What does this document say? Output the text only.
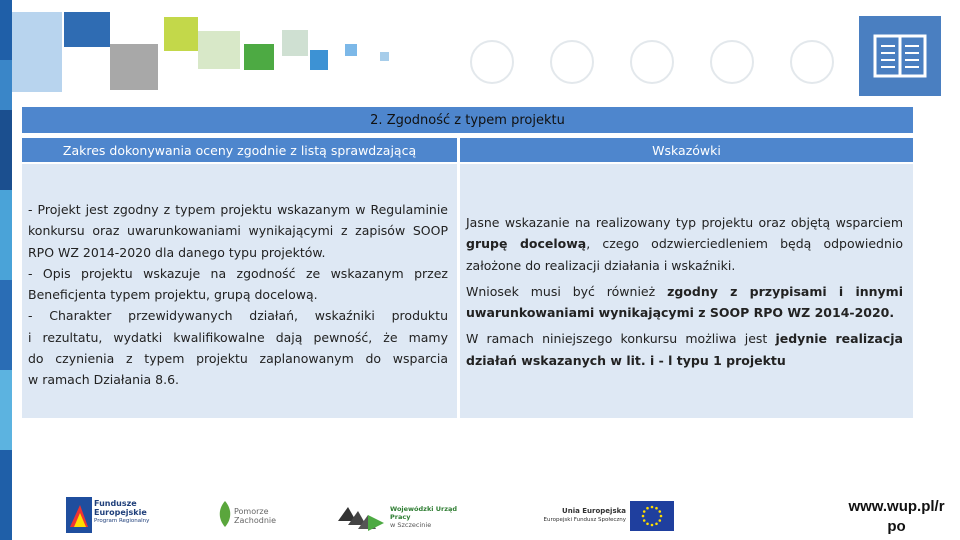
2. Zgodność z typem projektu
Zakres dokonywania oceny zgodnie z listą sprawdzającą	Wskazówki
- Projekt jest zgodny z typem projektu wskazanym w Regulaminie
konkursu oraz uwarunkowaniami wynikającymi z zapisów SOOP
RPO WZ 2014-2020 dla danego typu projektów.
- Opis projektu wskazuje na zgodność ze wskazanym przez
Beneficjenta typem projektu, grupą docelową.
- Charakter przewidywanych działań, wskaźniki produktu
i rezultatu, wydatki kwalifikowalne dają pewność, że mamy
do czynienia z typem projektu zaplanowanym do wsparcia
w ramach Działania 8.6.

Jasne wskazanie na realizowany typ projektu oraz objętą wsparciem grupę docelową, czego odzwierciedleniem będą odpowiednio założone do realizacji działania i wskaźniki.

Wniosek musi być również zgodny z przypisami i innymi uwarunkowaniami wynikającymi z SOOP RPO WZ 2014-2020.

W ramach niniejszego konkursu możliwa jest jedynie realizacja działań wskazanych w lit. i - l typu 1 projektu

Fundusze
Europejskie
Program Regionalny
Pomorze
Zachodnie
Wojewódzki Urząd Pracy
w Szczecinie
Unia Europejska
Europejski Fundusz Społeczny
www.wup.pl/r
po
